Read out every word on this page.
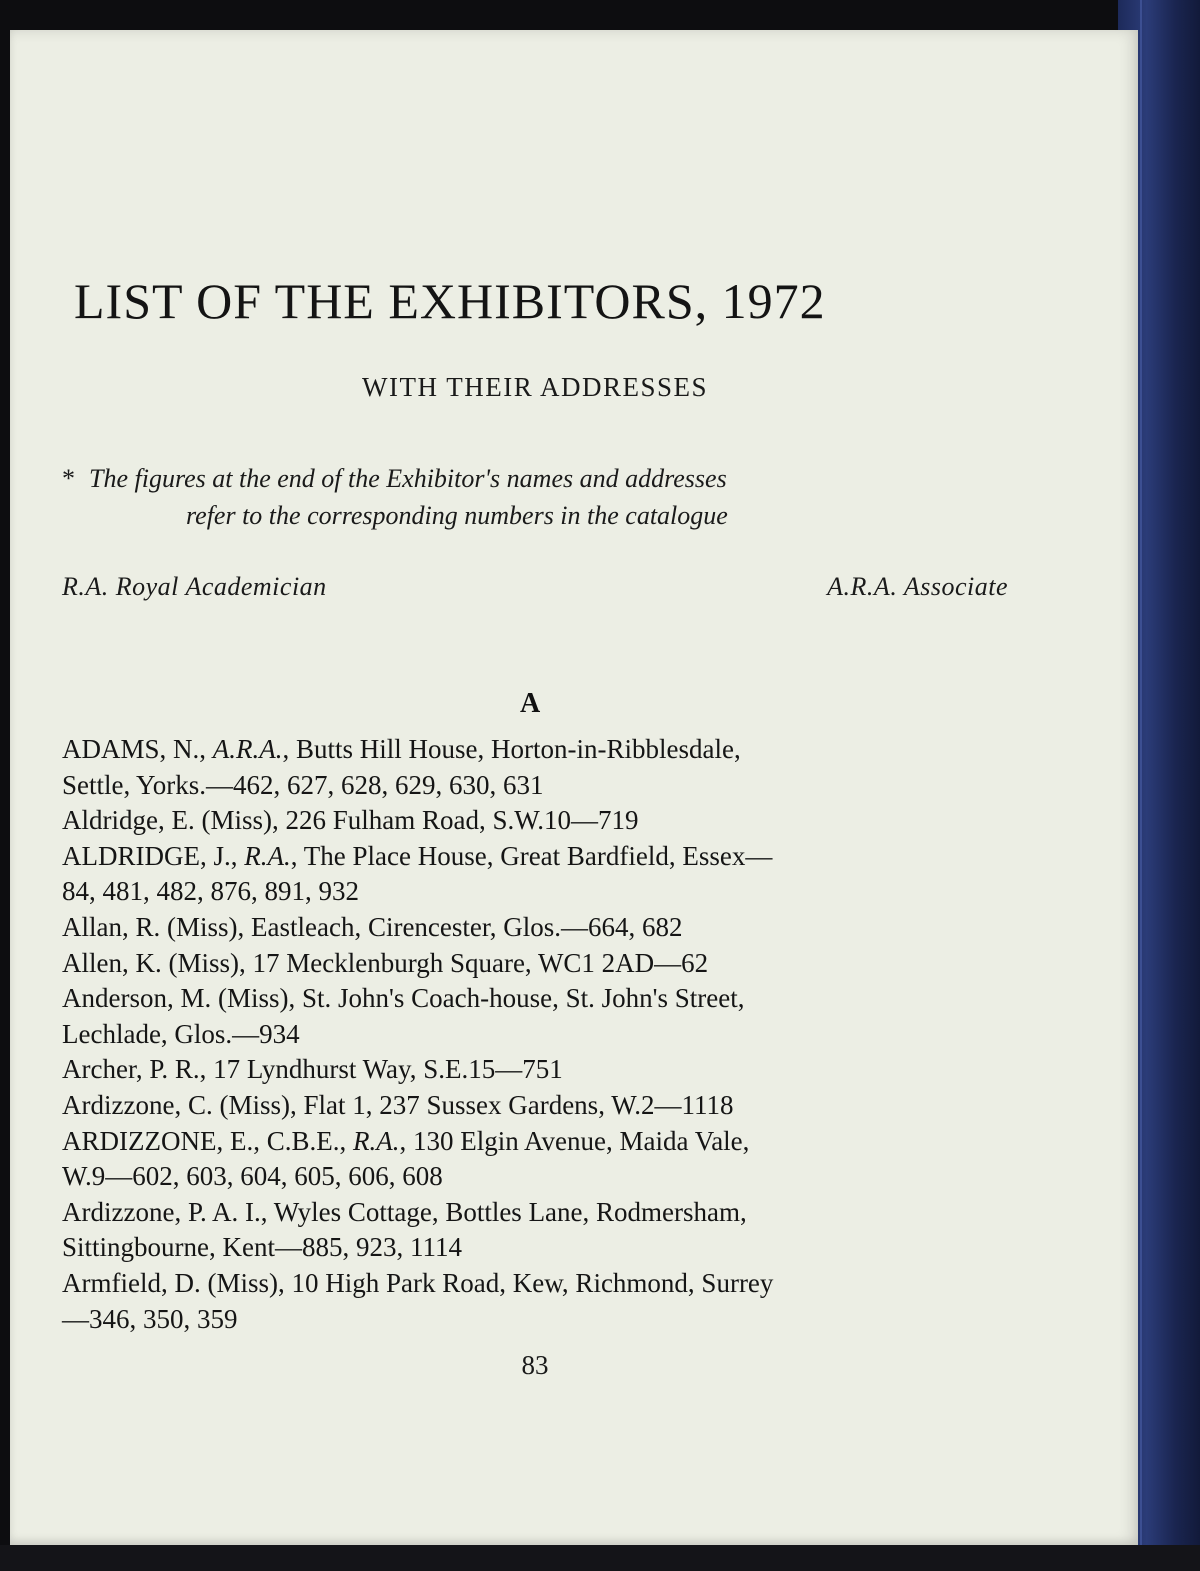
LIST OF THE EXHIBITORS, 1972
WITH THEIR ADDRESSES
* The figures at the end of the Exhibitor's names and addresses
refer to the corresponding numbers in the catalogue
R.A. Royal Academician	A.R.A. Associate
A
ADAMS, N., A.R.A., Butts Hill House, Horton-in-Ribblesdale,
Settle, Yorks.—462, 627, 628, 629, 630, 631
Aldridge, E. (Miss), 226 Fulham Road, S.W.10—719
ALDRIDGE, J., R.A., The Place House, Great Bardfield, Essex—
84, 481, 482, 876, 891, 932
Allan, R. (Miss), Eastleach, Cirencester, Glos.—664, 682
Allen, K. (Miss), 17 Mecklenburgh Square, WC1 2AD—62
Anderson, M. (Miss), St. John's Coach-house, St. John's Street,
Lechlade, Glos.—934
Archer, P. R., 17 Lyndhurst Way, S.E.15—751
Ardizzone, C. (Miss), Flat 1, 237 Sussex Gardens, W.2—1118
ARDIZZONE, E., C.B.E., R.A., 130 Elgin Avenue, Maida Vale,
W.9—602, 603, 604, 605, 606, 608
Ardizzone, P. A. I., Wyles Cottage, Bottles Lane, Rodmersham,
Sittingbourne, Kent—885, 923, 1114
Armfield, D. (Miss), 10 High Park Road, Kew, Richmond, Surrey
—346, 350, 359
83
